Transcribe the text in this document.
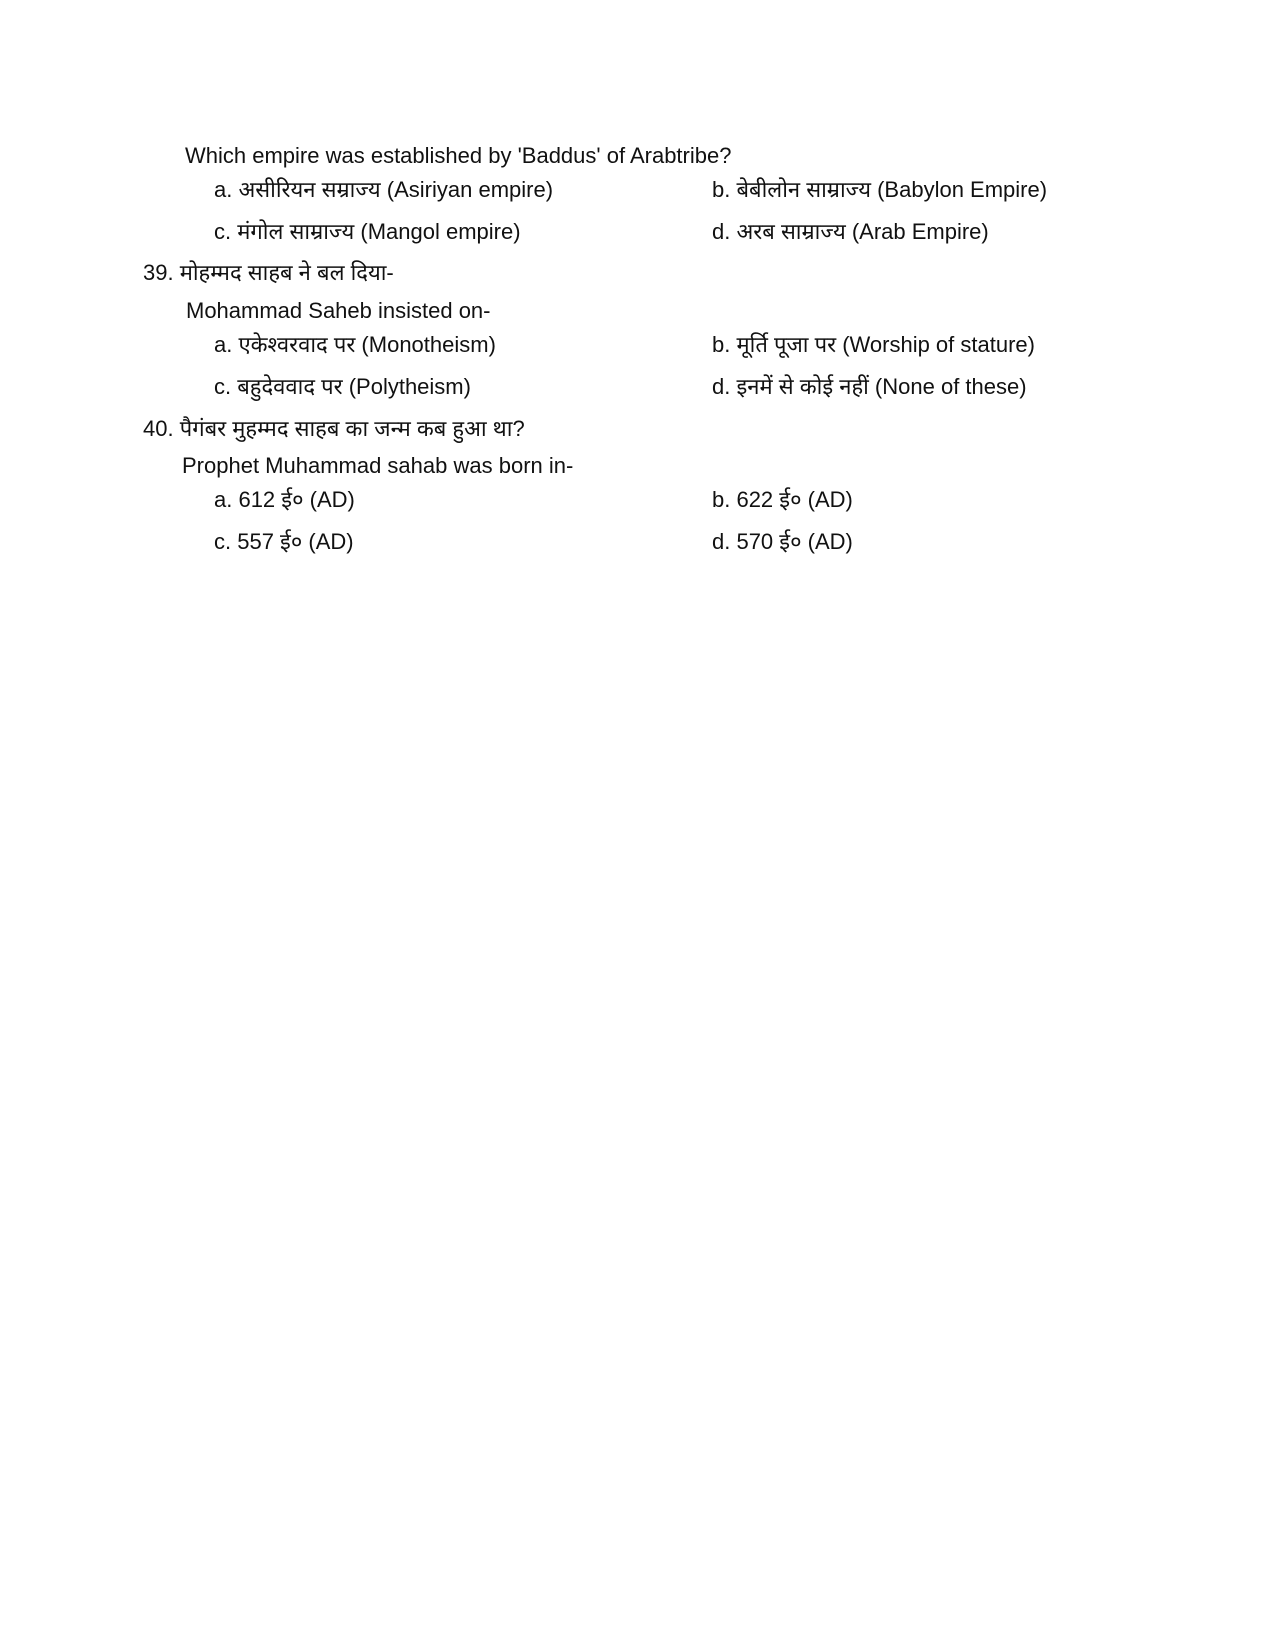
Which empire was established by 'Baddus' of Arabtribe?
a. असीरियन सम्राज्य (Asiriyan empire)	b. बेबीलोन साम्राज्य (Babylon Empire)
c. मंगोल साम्राज्य (Mangol empire)	d. अरब साम्राज्य (Arab Empire)
39. मोहम्मद साहब ने बल दिया-
Mohammad Saheb insisted on-
a. एकेश्वरवाद पर (Monotheism)	b. मूर्ति पूजा पर (Worship of stature)
c. बहुदेववाद पर (Polytheism)	d. इनमें से कोई नहीं (None of these)
40. पैगंबर मुहम्मद साहब का जन्म कब हुआ था?
Prophet Muhammad sahab was born in-
a. 612 ई० (AD)	b. 622 ई० (AD)
c. 557 ई० (AD)	d. 570 ई० (AD)
